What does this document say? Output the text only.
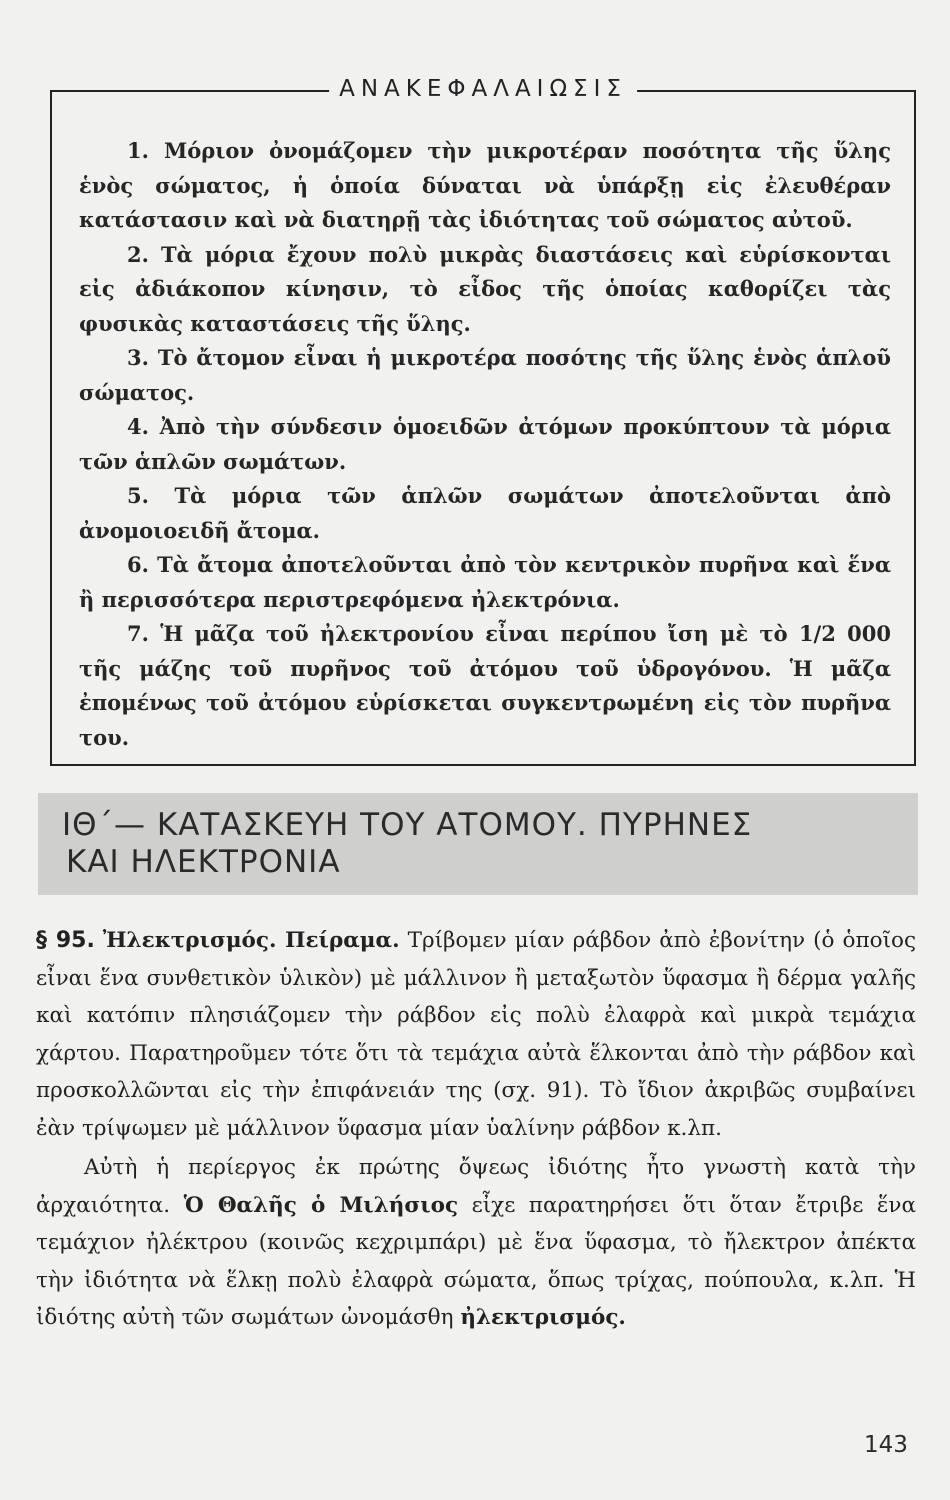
ΑΝΑΚΕΦΑΛΑΙΩΣΙΣ

1. Μόριον ὀνομάζομεν τὴν μικροτέραν ποσότητα τῆς ὕλης ἑνὸς σώματος, ἡ ὁποία δύναται νὰ ὑπάρξῃ εἰς ἐλευθέραν κατάστασιν καὶ νὰ διατηρῇ τὰς ἰδιότητας τοῦ σώματος αὐτοῦ.

2. Τὰ μόρια ἔχουν πολὺ μικρὰς διαστάσεις καὶ εὑρίσκονται εἰς ἀδιάκοπον κίνησιν, τὸ εἶδος τῆς ὁποίας καθορίζει τὰς φυσικὰς καταστάσεις τῆς ὕλης.

3. Τὸ ἄτομον εἶναι ἡ μικροτέρα ποσότης τῆς ὕλης ἑνὸς ἁπλοῦ σώματος.

4. Ἀπὸ τὴν σύνδεσιν ὁμοειδῶν ἀτόμων προκύπτουν τὰ μόρια τῶν ἁπλῶν σωμάτων.

5. Τὰ μόρια τῶν ἁπλῶν σωμάτων ἀποτελοῦνται ἀπὸ ἀνομοιοειδῆ ἄτομα.

6. Τὰ ἄτομα ἀποτελοῦνται ἀπὸ τὸν κεντρικὸν πυρῆνα καὶ ἕνα ἢ περισσότερα περιστρεφόμενα ἠλεκτρόνια.

7. Ἡ μᾶζα τοῦ ἠλεκτρονίου εἶναι περίπου ἴση μὲ τὸ 1/2 000 τῆς μάζης τοῦ πυρῆνος τοῦ ἀτόμου τοῦ ὑδρογόνου. Ἡ μᾶζα ἐπομένως τοῦ ἀτόμου εὑρίσκεται συγκεντρωμένη εἰς τὸν πυρῆνα του.

ΙΘ΄— ΚΑΤΑΣΚΕΥΗ ΤΟΥ ΑΤΟΜΟΥ. ΠΥΡΗΝΕΣ
ΚΑΙ ΗΛΕΚΤΡΟΝΙΑ

§ 95. Ἠλεκτρισμός. Πείραμα. Τρίβομεν μίαν ράβδον ἀπὸ ἐβονίτην (ὁ ὁποῖος εἶναι ἕνα συνθετικὸν ὑλικὸν) μὲ μάλλινον ἢ μεταξωτὸν ὕφασμα ἢ δέρμα γαλῆς καὶ κατόπιν πλησιάζομεν τὴν ράβδον εἰς πολὺ ἐλαφρὰ καὶ μικρὰ τεμάχια χάρτου. Παρατηροῦμεν τότε ὅτι τὰ τεμάχια αὐτὰ ἕλκονται ἀπὸ τὴν ράβδον καὶ προσκολλῶνται εἰς τὴν ἐπιφάνειάν της (σχ. 91). Τὸ ἴδιον ἀκριβῶς συμβαίνει ἐὰν τρίψωμεν μὲ μάλλινον ὕφασμα μίαν ὑαλίνην ράβδον κ.λπ.

Αὐτὴ ἡ περίεργος ἐκ πρώτης ὄψεως ἰδιότης ἦτο γνωστὴ κατὰ τὴν ἀρχαιότητα. Ὁ Θαλῆς ὁ Μιλήσιος εἶχε παρατηρήσει ὅτι ὅταν ἔτριβε ἕνα τεμάχιον ἠλέκτρου (κοινῶς κεχριμπάρι) μὲ ἕνα ὕφασμα, τὸ ἤλεκτρον ἀπέκτα τὴν ἰδιότητα νὰ ἕλκῃ πολὺ ἐλαφρὰ σώματα, ὅπως τρίχας, πούπουλα, κ.λπ. Ἡ ἰδιότης αὐτὴ τῶν σωμάτων ὠνομάσθη ἠλεκτρισμός.

143
